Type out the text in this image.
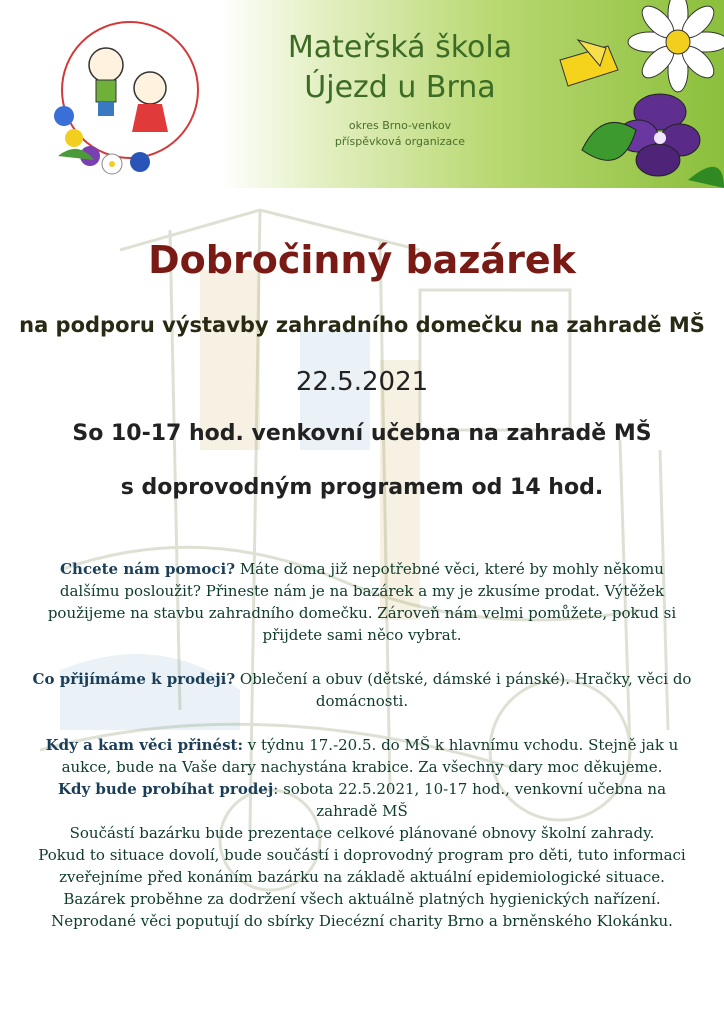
Mateřská škola
Újezd u Brna
okres Brno-venkov
příspěvková organizace
Dobročinný bazárek
na podporu výstavby zahradního domečku na zahradě MŠ
22.5.2021
So 10-17 hod. venkovní učebna na zahradě MŠ
s doprovodným programem od 14 hod.

Chcete nám pomoci? Máte doma již nepotřebné věci, které by mohly někomu dalšímu posloužit? Přineste nám je na bazárek a my je zkusíme prodat. Výtěžek použijeme na stavbu zahradního domečku. Zároveň nám velmi pomůžete, pokud si přijdete sami něco vybrat.

Co přijímáme k prodeji? Oblečení a obuv (dětské, dámské i pánské). Hračky, věci do domácnosti.

Kdy a kam věci přinést: v týdnu 17.-20.5. do MŠ k hlavnímu vchodu. Stejně jak u aukce, bude na Vaše dary nachystána krabice. Za všechny dary moc děkujeme.

Kdy bude probíhat prodej: sobota 22.5.2021, 10-17 hod., venkovní učebna na zahradě MŠ

Součástí bazárku bude prezentace celkové plánované obnovy školní zahrady.

Pokud to situace dovolí, bude součástí i doprovodný program pro děti, tuto informaci zveřejníme před konáním bazárku na základě aktuální epidemiologické situace.

Bazárek proběhne za dodržení všech aktuálně platných hygienických nařízení.

Neprodané věci poputují do sbírky Diecézní charity Brno a brněnského Klokánku.
